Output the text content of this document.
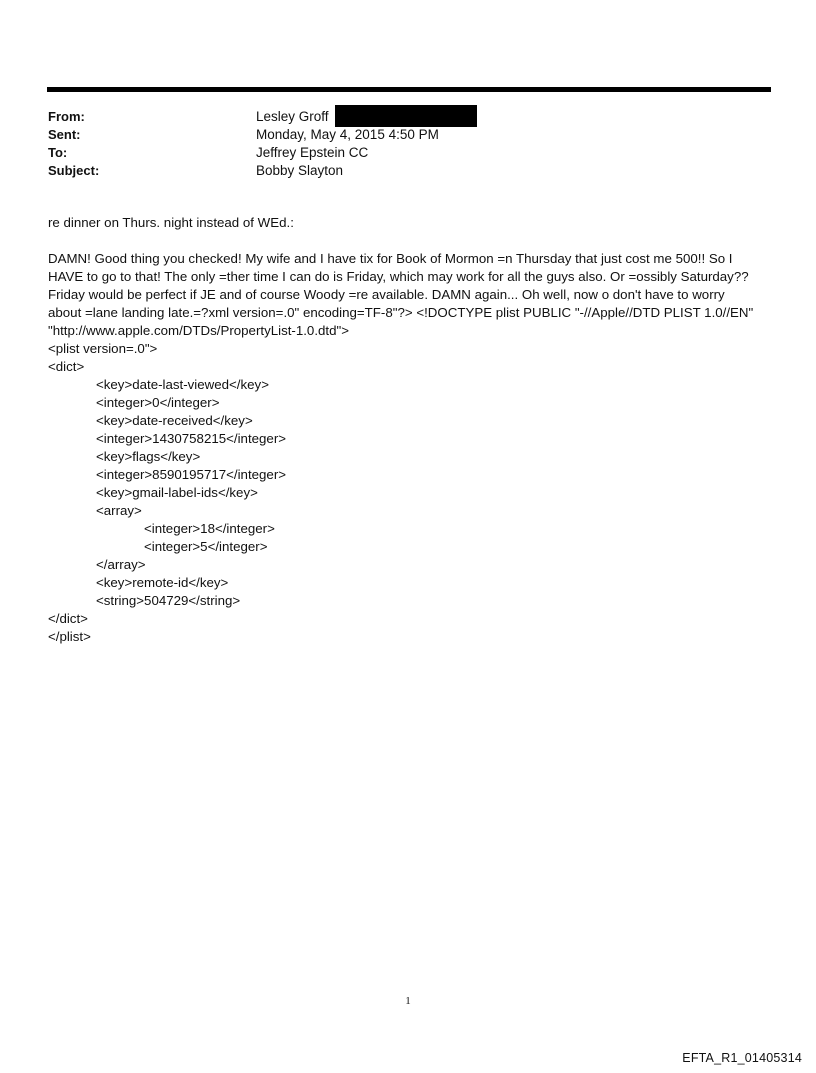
From:	Lesley Groff
Sent:	Monday, May 4, 2015 4:50 PM
To:	Jeffrey Epstein CC
Subject:	Bobby Slayton

re dinner on Thurs. night instead of WEd.:

DAMN! Good thing you checked! My wife and I have tix for Book of Mormon =n Thursday that just cost me 500!! So I

HAVE to go to that! The only =ther time I can do is Friday, which may work for all the guys also. Or =ossibly Saturday??

Friday would be perfect if JE and of course Woody =re available. DAMN again... Oh well, now o don't have to worry

about =lane landing late.=?xml version=.0" encoding=TF-8"?> <!DOCTYPE plist PUBLIC "-//Apple//DTD PLIST 1.0//EN"

"http://www.apple.com/DTDs/PropertyList-1.0.dtd">

<plist version=.0">

<dict>

<key>date-last-viewed</key>

<integer>0</integer>

<key>date-received</key>

<integer>1430758215</integer>

<key>flags</key>

<integer>8590195717</integer>

<key>gmail-label-ids</key>

<array>

<integer>18</integer>

<integer>5</integer>

</array>

<key>remote-id</key>

<string>504729</string>

</dict>

</plist>

1
EFTA_R1_01405314
